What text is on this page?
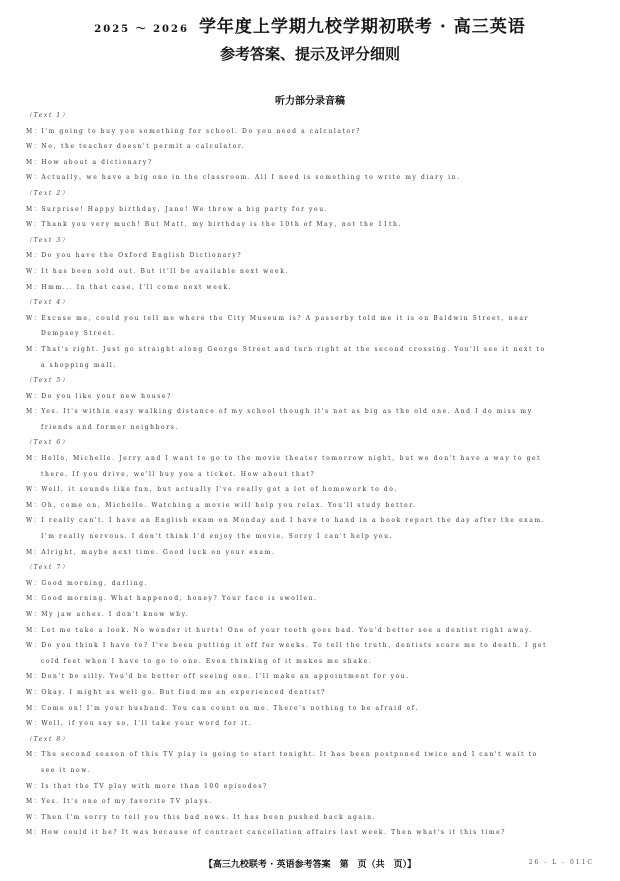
2025 ～ 2026 学年度上学期九校学期初联考 · 高三英语
参考答案、提示及评分细则
听力部分录音稿
（Text 1）
M：I'm going to buy you something for school. Do you need a calculator?
W：No，the teacher doesn't permit a calculator.
M：How about a dictionary?
W：Actually，we have a big one in the classroom. All I need is something to write my diary in.
（Text 2）
M：Surprise! Happy birthday，Jane! We threw a big party for you.
W：Thank you very much! But Matt，my birthday is the 10th of May，not the 11th.
（Text 3）
M：Do you have the Oxford English Dictionary?
W：It has been sold out. But it'll be available next week.
M：Hmm... In that case，I'll come next week.
（Text 4）
W：Excuse me，could you tell me where the City Museum is? A passerby told me it is on Baldwin Street，near
Dempsey Street.
M：That's right. Just go straight along George Street and turn right at the second crossing. You'll see it next to
a shopping mall.
（Text 5）
W：Do you like your new house?
M：Yes. It's within easy walking distance of my school though it's not as big as the old one. And I do miss my
friends and former neighbors.
（Text 6）
M：Hello，Michelle. Jerry and I want to go to the movie theater tomorrow night，but we don't have a way to get
there. If you drive，we'll buy you a ticket. How about that?
W：Well，it sounds like fun，but actually I've really got a lot of homework to do.
M：Oh，come on，Michelle. Watching a movie will help you relax. You'll study better.
W：I really can't. I have an English exam on Monday and I have to hand in a book report the day after the exam.
I'm really nervous. I don't think I'd enjoy the movie. Sorry I can't help you.
M：Alright，maybe next time. Good luck on your exam.
（Text 7）
W：Good morning，darling.
M：Good morning. What happened，honey? Your face is swollen.
W：My jaw aches. I don't know why.
M：Let me take a look. No wonder it hurts! One of your teeth goes bad. You'd better see a dentist right away.
W：Do you think I have to? I've been putting it off for weeks. To tell the truth，dentists scare me to death. I get
cold feet when I have to go to one. Even thinking of it makes me shake.
M：Don't be silly. You'd be better off seeing one. I'll make an appointment for you.
W：Okay. I might as well go. But find me an experienced dentist?
M：Come on! I'm your husband. You can count on me. There's nothing to be afraid of.
W：Well，if you say so，I'll take your word for it.
（Text 8）
M：The second season of this TV play is going to start tonight. It has been postponed twice and I can't wait to
see it now.
W：Is that the TV play with more than 100 episodes?
M：Yes. It's one of my favorite TV plays.
W：Then I'm sorry to tell you this bad news. It has been pushed back again.
M：How could it be? It was because of contract cancellation affairs last week. Then what's it this time?
【高三九校联考 · 英语参考答案　第　页（共　页）】	26 - L - 011C
